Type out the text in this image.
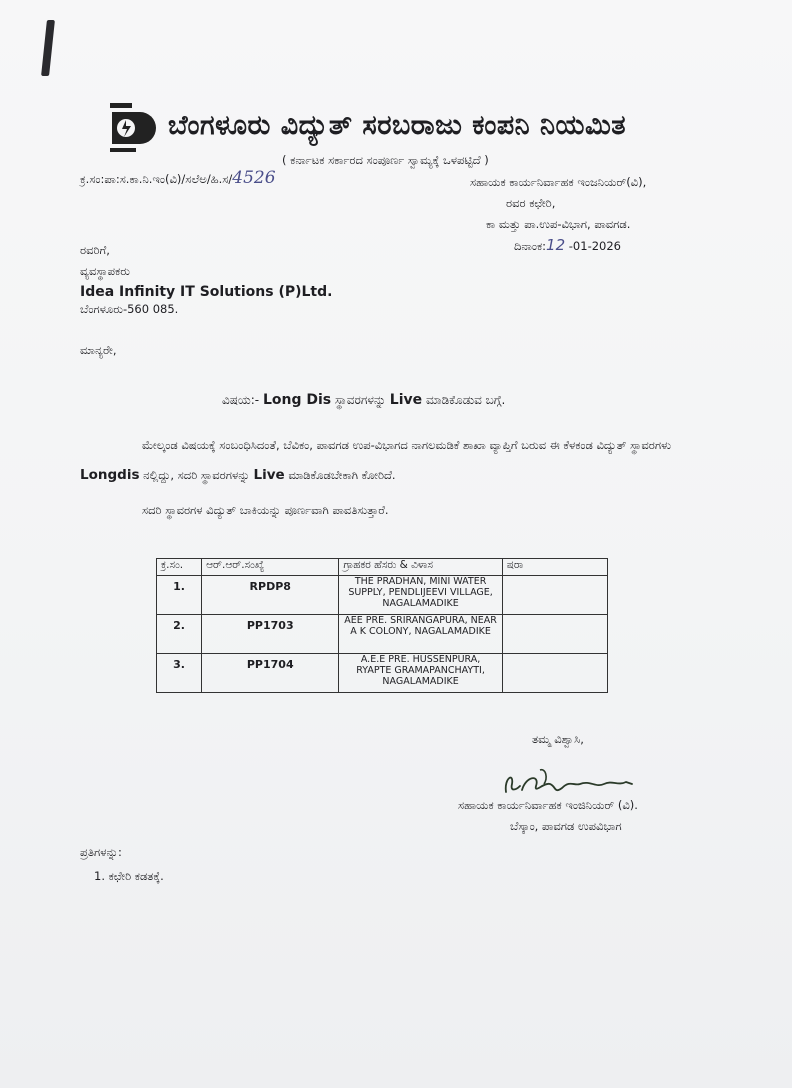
ಬೆಂಗಳೂರು ವಿದ್ಯುತ್ ಸರಬರಾಜು ಕಂಪನಿ ನಿಯಮಿತ
( ಕರ್ನಾಟಕ ಸರ್ಕಾರದ ಸಂಪೂರ್ಣ ಸ್ವಾಮ್ಯಕ್ಕೆ ಒಳಪಟ್ಟಿದೆ )
ಕ್ರ.ಸಂ:ಪಾ:ಸ.ಕಾ.ನಿ.ಇಂ(ವಿ)/ಸಲೆಅ/ಹಿ.ಸ/4526	ಸಹಾಯಕ ಕಾರ್ಯನಿರ್ವಾಹಕ ಇಂಜನಿಯರ್(ವಿ),
ರವರ ಕಛೇರಿ,
ಕಾ ಮತ್ತು ಪಾ.ಉಪ-ವಿಭಾಗ, ಪಾವಗಡ.
ದಿನಾಂಕ:12 -01-2026
ರವರಿಗೆ,
ವ್ಯವಸ್ಥಾಪಕರು
Idea Infinity IT Solutions (P)Ltd.
ಬೆಂಗಳೂರು-560 085.
ಮಾನ್ಯರೇ,
ವಿಷಯ:- Long Dis ಸ್ಥಾವರಗಳನ್ನು Live ಮಾಡಿಕೊಡುವ ಬಗ್ಗೆ.
ಮೇಲ್ಕಂಡ ವಿಷಯಕ್ಕೆ ಸಂಬಂಧಿಸಿದಂತೆ, ಬೆವಿಕಂ, ಪಾವಗಡ ಉಪ-ವಿಭಾಗದ ನಾಗಲಮಡಿಕೆ ಶಾಖಾ ವ್ಯಾಪ್ತಿಗೆ ಬರುವ ಈ ಕೆಳಕಂಡ ವಿದ್ಯುತ್ ಸ್ಥಾವರಗಳು Longdis ನಲ್ಲಿದ್ದು, ಸದರಿ ಸ್ಥಾವರಗಳನ್ನು Live ಮಾಡಿಕೊಡಬೇಕಾಗಿ ಕೋರಿದೆ.
ಸದರಿ ಸ್ಥಾವರಗಳ ವಿದ್ಯುತ್ ಬಾಕಿಯನ್ನು ಪೂರ್ಣವಾಗಿ ಪಾವತಿಸುತ್ತಾರೆ.
ಕ್ರ.ಸಂ.	ಆರ್.ಆರ್.ಸಂಖ್ಯೆ	ಗ್ರಾಹಕರ ಹೆಸರು & ವಿಳಾಸ	ಷರಾ
1.	RPDP8	THE PRADHAN, MINI WATER SUPPLY, PENDLIJEEVI VILLAGE, NAGALAMADIKE	
2.	PP1703	AEE PRE. SRIRANGAPURA, NEAR A K COLONY, NAGALAMADIKE	
3.	PP1704	A.E.E PRE. HUSSENPURA, RYAPTE GRAMAPANCHAYTI, NAGALAMADIKE	
ತಮ್ಮ ವಿಶ್ವಾಸಿ,
ಸಹಾಯಕ ಕಾರ್ಯನಿರ್ವಾಹಕ ಇಂಜಿನಿಯರ್ (ವಿ).
ಬೆಸ್ಕಾಂ, ಪಾವಗಡ ಉಪವಿಭಾಗ
ಪ್ರತಿಗಳನ್ನು:
1. ಕಛೇರಿ ಕಡತಕ್ಕೆ.
